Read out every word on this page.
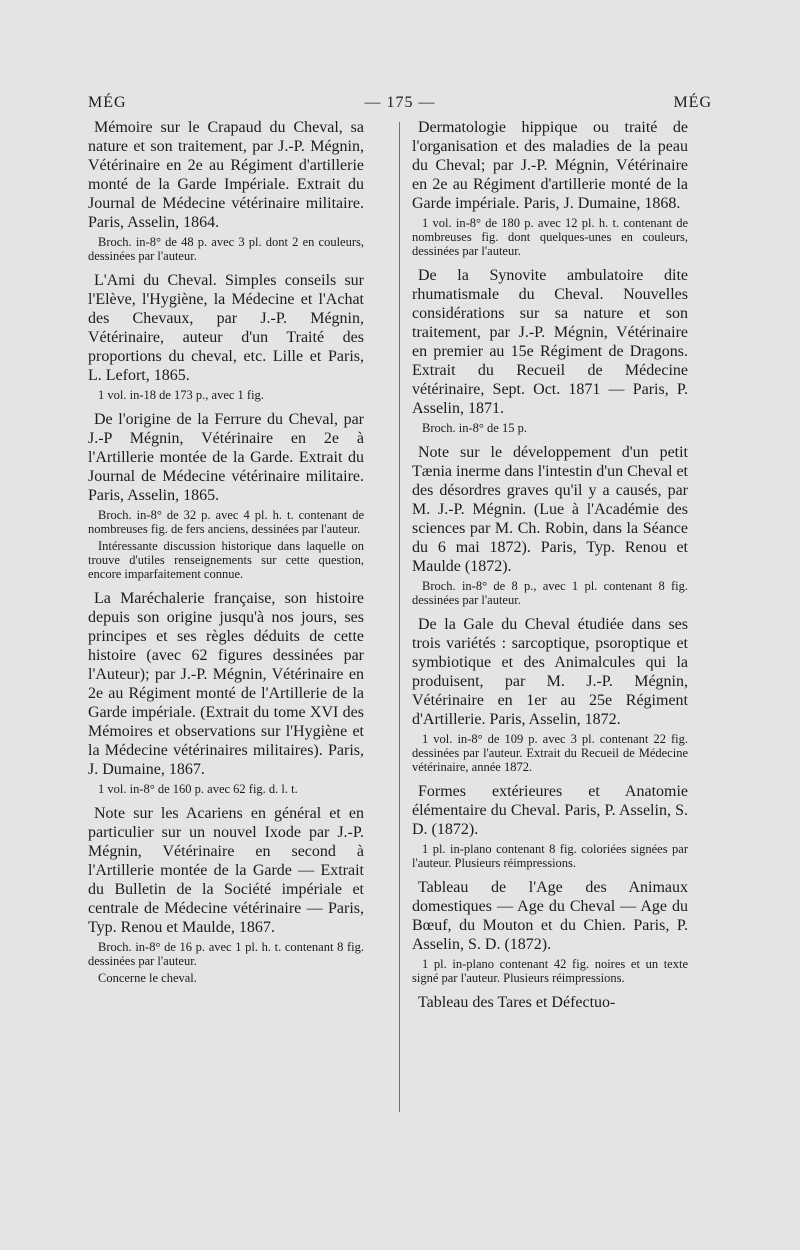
MÉG	— 175 —	MÉG

Mémoire sur le Crapaud du Cheval, sa nature et son traitement, par J.-P. Mégnin, Vétérinaire en 2e au Régiment d'artillerie monté de la Garde Impériale. Extrait du Journal de Médecine vétérinaire militaire. Paris, Asselin, 1864.

Broch. in-8° de 48 p. avec 3 pl. dont 2 en couleurs, dessinées par l'auteur.

L'Ami du Cheval. Simples conseils sur l'Elève, l'Hygiène, la Médecine et l'Achat des Chevaux, par J.-P. Mégnin, Vétérinaire, auteur d'un Traité des proportions du cheval, etc. Lille et Paris, L. Lefort, 1865.

1 vol. in-18 de 173 p., avec 1 fig.

De l'origine de la Ferrure du Cheval, par J.-P Mégnin, Vétérinaire en 2e à l'Artillerie montée de la Garde. Extrait du Journal de Médecine vétérinaire militaire. Paris, Asselin, 1865.

Broch. in-8° de 32 p. avec 4 pl. h. t. contenant de nombreuses fig. de fers anciens, dessinées par l'auteur.

Intéressante discussion historique dans laquelle on trouve d'utiles renseignements sur cette question, encore imparfaitement connue.

La Maréchalerie française, son histoire depuis son origine jusqu'à nos jours, ses principes et ses règles déduits de cette histoire (avec 62 figures dessinées par l'Auteur); par J.-P. Mégnin, Vétérinaire en 2e au Régiment monté de l'Artillerie de la Garde impériale. (Extrait du tome XVI des Mémoires et observations sur l'Hygiène et la Médecine vétérinaires militaires). Paris, J. Dumaine, 1867.

1 vol. in-8° de 160 p. avec 62 fig. d. l. t.

Note sur les Acariens en général et en particulier sur un nouvel Ixode par J.-P. Mégnin, Vétérinaire en second à l'Artillerie montée de la Garde — Extrait du Bulletin de la Société impériale et centrale de Médecine vétérinaire — Paris, Typ. Renou et Maulde, 1867.

Broch. in-8° de 16 p. avec 1 pl. h. t. contenant 8 fig. dessinées par l'auteur.

Concerne le cheval.

Dermatologie hippique ou traité de l'organisation et des maladies de la peau du Cheval; par J.-P. Mégnin, Vétérinaire en 2e au Régiment d'artillerie monté de la Garde impériale. Paris, J. Dumaine, 1868.

1 vol. in-8° de 180 p. avec 12 pl. h. t. contenant de nombreuses fig. dont quelques-unes en couleurs, dessinées par l'auteur.

De la Synovite ambulatoire dite rhumatismale du Cheval. Nouvelles considérations sur sa nature et son traitement, par J.-P. Mégnin, Vétérinaire en premier au 15e Régiment de Dragons. Extrait du Recueil de Médecine vétérinaire, Sept. Oct. 1871 — Paris, P. Asselin, 1871.

Broch. in-8° de 15 p.

Note sur le développement d'un petit Tænia inerme dans l'intestin d'un Cheval et des désordres graves qu'il y a causés, par M. J.-P. Mégnin. (Lue à l'Académie des sciences par M. Ch. Robin, dans la Séance du 6 mai 1872). Paris, Typ. Renou et Maulde (1872).

Broch. in-8° de 8 p., avec 1 pl. contenant 8 fig. dessinées par l'auteur.

De la Gale du Cheval étudiée dans ses trois variétés : sarcoptique, psoroptique et symbiotique et des Animalcules qui la produisent, par M. J.-P. Mégnin, Vétérinaire en 1er au 25e Régiment d'Artillerie. Paris, Asselin, 1872.

1 vol. in-8° de 109 p. avec 3 pl. contenant 22 fig. dessinées par l'auteur. Extrait du Recueil de Médecine vétérinaire, année 1872.

Formes extérieures et Anatomie élémentaire du Cheval. Paris, P. Asselin, S. D. (1872).

1 pl. in-plano contenant 8 fig. coloriées signées par l'auteur. Plusieurs réimpressions.

Tableau de l'Age des Animaux domestiques — Age du Cheval — Age du Bœuf, du Mouton et du Chien. Paris, P. Asselin, S. D. (1872).

1 pl. in-plano contenant 42 fig. noires et un texte signé par l'auteur. Plusieurs réimpressions.

Tableau des Tares et Défectuo-
